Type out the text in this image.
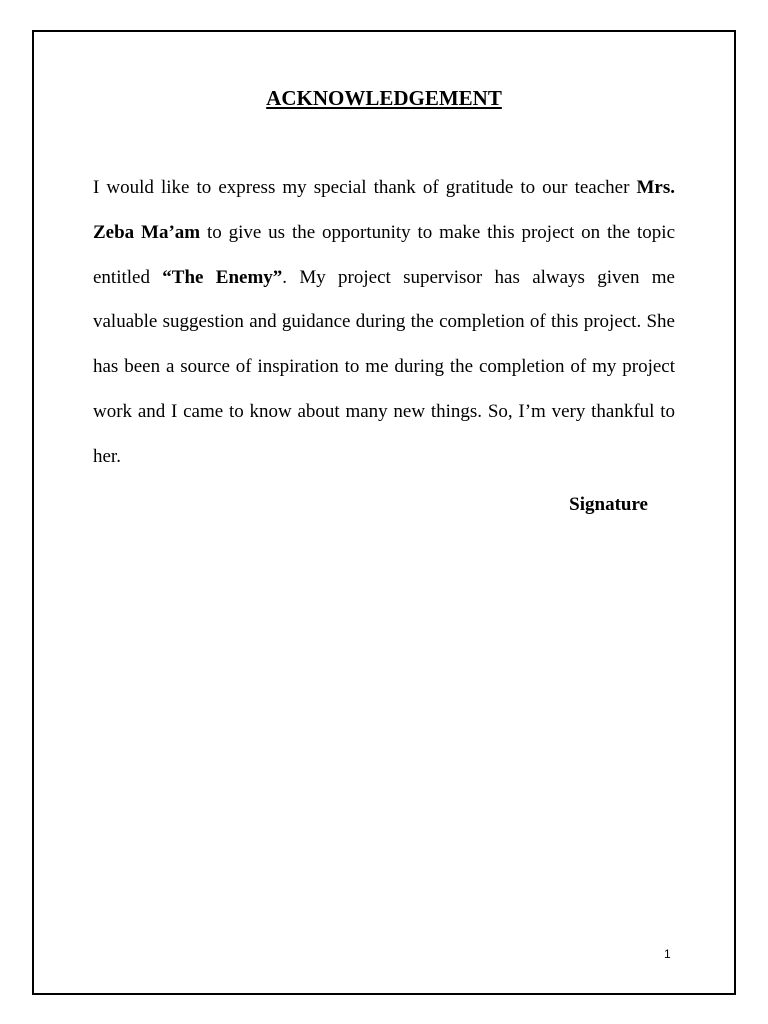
ACKNOWLEDGEMENT

I would like to express my special thank of gratitude to our teacher Mrs. Zeba Ma’am to give us the opportunity to make this project on the topic entitled “The Enemy”. My project supervisor has always given me valuable suggestion and guidance during the completion of this project. She has been a source of inspiration to me during the completion of my project work and I came to know about many new things. So, I’m very thankful to her.

Signature

1
